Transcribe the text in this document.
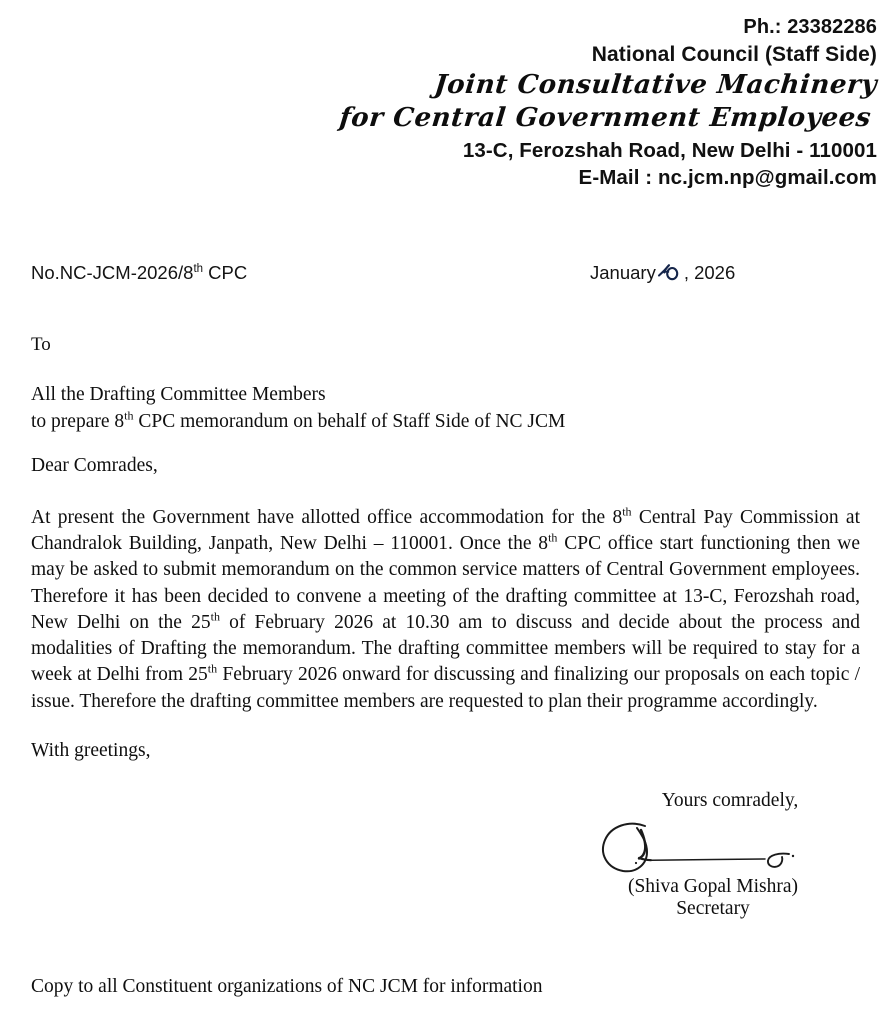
Ph.: 23382286
National Council (Staff Side)
Joint Consultative Machinery
for Central Government Employees
13-C, Ferozshah Road, New Delhi - 110001
E-Mail : nc.jcm.np@gmail.com
No.NC-JCM-2026/8th CPC	January , 2026
To
All the Drafting Committee Members
to prepare 8th CPC memorandum on behalf of Staff Side of NC JCM
Dear Comrades,
At present the Government have allotted office accommodation for the 8th Central Pay Commission at Chandralok Building, Janpath, New Delhi – 110001. Once the 8th CPC office start functioning then we may be asked to submit memorandum on the common service matters of Central Government employees. Therefore it has been decided to convene a meeting of the drafting committee at 13-C, Ferozshah road, New Delhi on the 25th of February 2026 at 10.30 am to discuss and decide about the process and modalities of Drafting the memorandum. The drafting committee members will be required to stay for a week at Delhi from 25th February 2026 onward for discussing and finalizing our proposals on each topic / issue. Therefore the drafting committee members are requested to plan their programme accordingly.
With greetings,
Yours comradely,
(Shiva Gopal Mishra)
Secretary
Copy to all Constituent organizations of NC JCM for information
